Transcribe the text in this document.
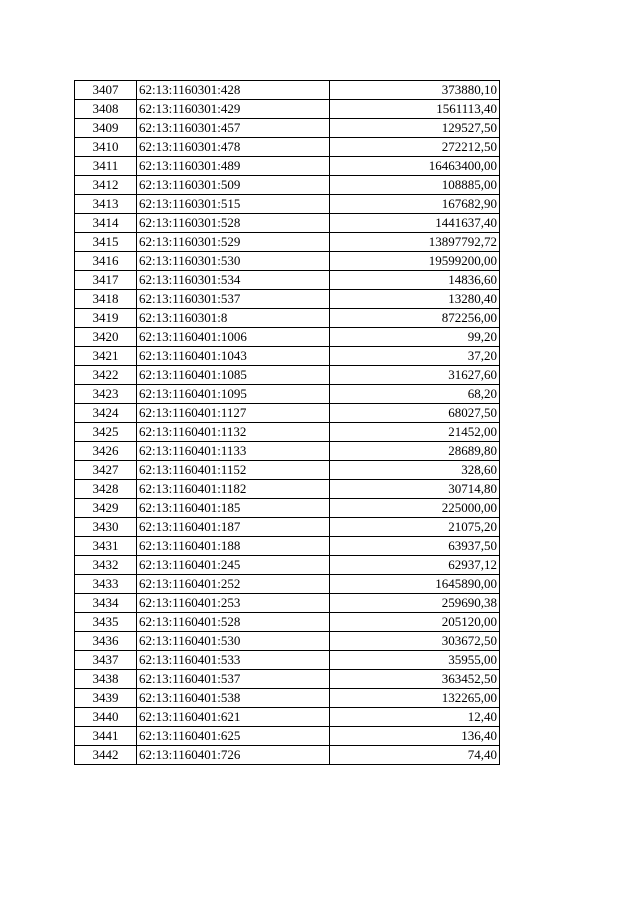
3407	62:13:1160301:428	373880,10
3408	62:13:1160301:429	1561113,40
3409	62:13:1160301:457	129527,50
3410	62:13:1160301:478	272212,50
3411	62:13:1160301:489	16463400,00
3412	62:13:1160301:509	108885,00
3413	62:13:1160301:515	167682,90
3414	62:13:1160301:528	1441637,40
3415	62:13:1160301:529	13897792,72
3416	62:13:1160301:530	19599200,00
3417	62:13:1160301:534	14836,60
3418	62:13:1160301:537	13280,40
3419	62:13:1160301:8	872256,00
3420	62:13:1160401:1006	99,20
3421	62:13:1160401:1043	37,20
3422	62:13:1160401:1085	31627,60
3423	62:13:1160401:1095	68,20
3424	62:13:1160401:1127	68027,50
3425	62:13:1160401:1132	21452,00
3426	62:13:1160401:1133	28689,80
3427	62:13:1160401:1152	328,60
3428	62:13:1160401:1182	30714,80
3429	62:13:1160401:185	225000,00
3430	62:13:1160401:187	21075,20
3431	62:13:1160401:188	63937,50
3432	62:13:1160401:245	62937,12
3433	62:13:1160401:252	1645890,00
3434	62:13:1160401:253	259690,38
3435	62:13:1160401:528	205120,00
3436	62:13:1160401:530	303672,50
3437	62:13:1160401:533	35955,00
3438	62:13:1160401:537	363452,50
3439	62:13:1160401:538	132265,00
3440	62:13:1160401:621	12,40
3441	62:13:1160401:625	136,40
3442	62:13:1160401:726	74,40
